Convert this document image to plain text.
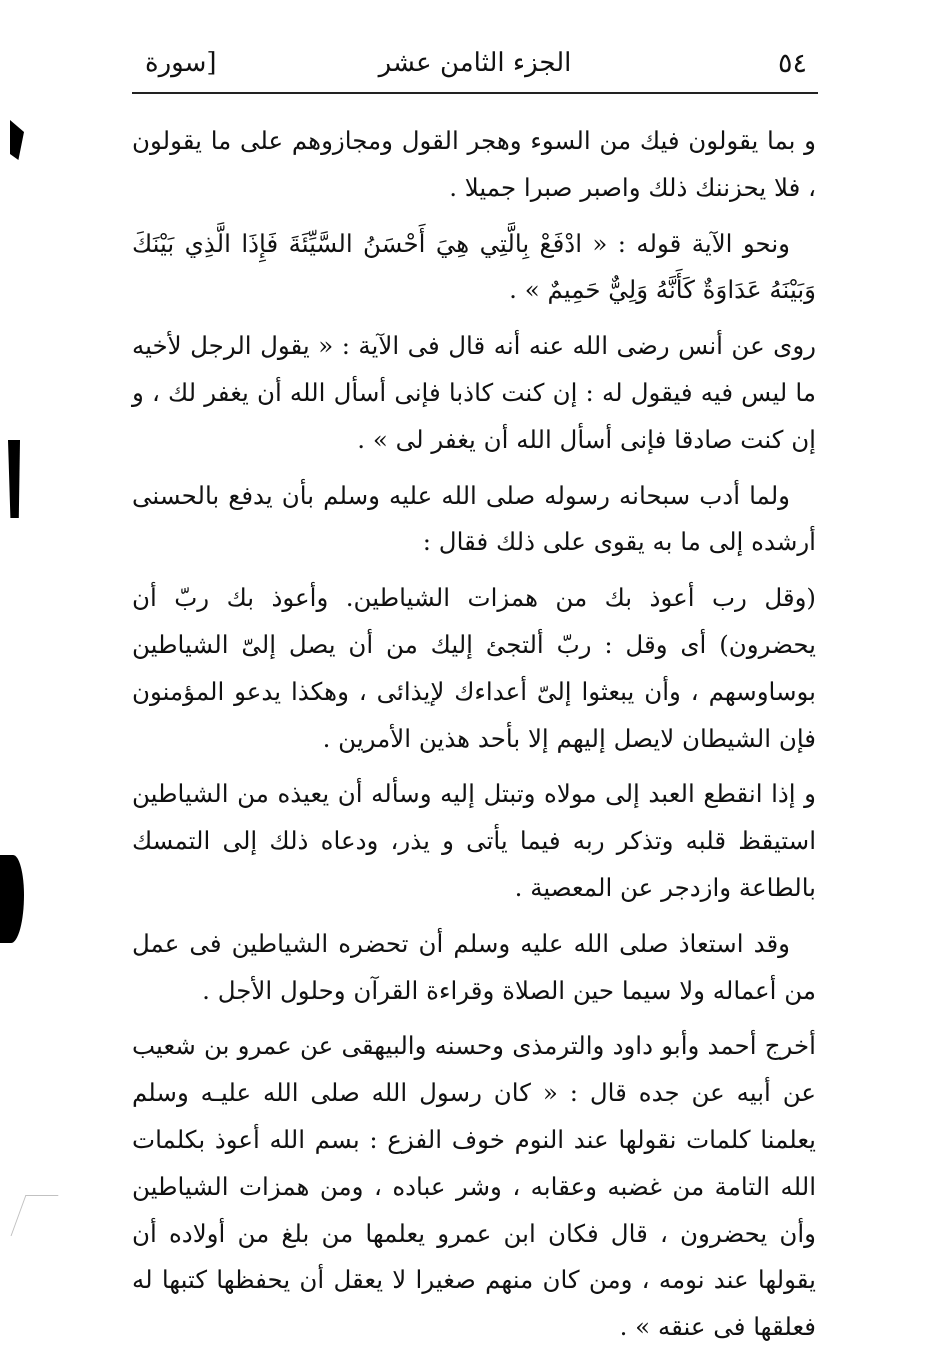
٥٤
الجزء الثامن عشر
[سورة

و بما يقولون فيك من السوء وهجر القول ومجازوهم على ما يقولون ، فلا يحزننك ذلك واصبر صبرا جميلا .

ونحو الآية قوله : « ادْفَعْ بِالَّتِي هِيَ أَحْسَنُ السَّيِّئَةَ فَإِذَا الَّذِي بَيْنَكَ وَبَيْنَهُ عَدَاوَةٌ كَأَنَّهُ وَلِيٌّ حَمِيمٌ » .

روى عن أنس رضى الله عنه أنه قال فى الآية : « يقول الرجل لأخيه ما ليس فيه فيقول له : إن كنت كاذبا فإنى أسأل الله أن يغفر لك ، و إن كنت صادقا فإنى أسأل الله أن يغفر لى » .

ولما أدب سبحانه رسوله صلى الله عليه وسلم بأن يدفع بالحسنى أرشده إلى ما به يقوى على ذلك فقال :

(وقل رب أعوذ بك من همزات الشياطين. وأعوذ بك ربّ أن يحضرون) أى وقل : ربّ ألتجئ إليك من أن يصل إلىّ الشياطين بوساوسهم ، وأن يبعثوا إلىّ أعداءك لإيذائى ، وهكذا يدعو المؤمنون فإن الشيطان لايصل إليهم إلا بأحد هذين الأمرين .

و إذا انقطع العبد إلى مولاه وتبتل إليه وسأله أن يعيذه من الشياطين استيقظ قلبه وتذكر ربه فيما يأتى و يذر، ودعاه ذلك إلى التمسك بالطاعة وازدجر عن المعصية .

وقد استعاذ صلى الله عليه وسلم أن تحضره الشياطين فى عمل من أعماله ولا سيما حين الصلاة وقراءة القرآن وحلول الأجل .

أخرج أحمد وأبو داود والترمذى وحسنه والبيهقى عن عمرو بن شعيب عن أبيه عن جده قال : « كان رسول الله صلى الله عليـه وسلم يعلمنا كلمات نقولها عند النوم خوف الفزع : بسم الله أعوذ بكلمات الله التامة من غضبه وعقابه ، وشر عباده ، ومن همزات الشياطين وأن يحضرون ، قال فكان ابن عمرو يعلمها من بلغ من أولاده أن يقولها عند نومه ، ومن كان منهم صغيرا لا يعقل أن يحفظها كتبها له فعلقها فى عنقه » .
